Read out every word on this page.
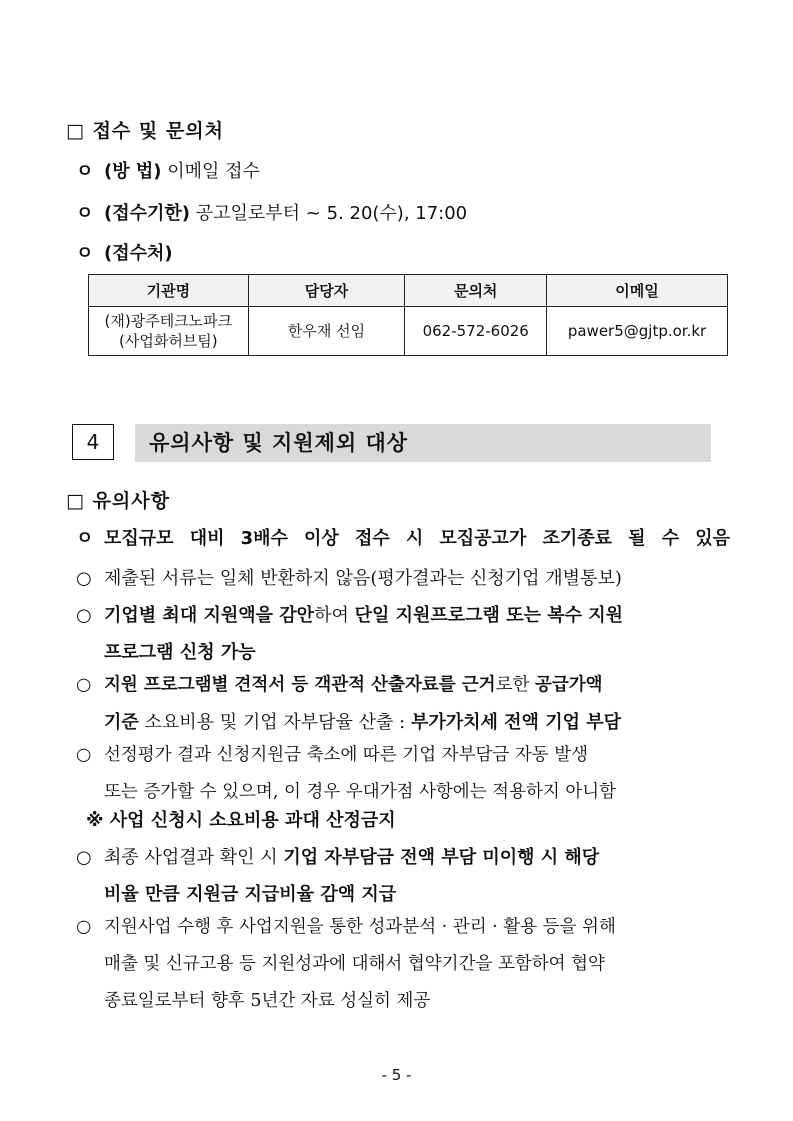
□ 접수 및 문의처
ㅇ (방 법) 이메일 접수
ㅇ (접수기한) 공고일로부터 ~ 5. 20(수), 17:00
ㅇ (접수처)
기관명	담당자	문의처	이메일

(재)광주테크노파크
(사업화허브팀)	한우재 선임	062-572-6026	pawer5@gjtp.or.kr
4	유의사항 및 지원제외 대상
□ 유의사항
ㅇ 모집규모 대비 3배수 이상 접수 시 모집공고가 조기종료 될 수 있음
○ 제출된 서류는 일체 반환하지 않음(평가결과는 신청기업 개별통보)
○ 기업별 최대 지원액을 감안하여 단일 지원프로그램 또는 복수 지원
프로그램 신청 가능
○ 지원 프로그램별 견적서 등 객관적 산출자료를 근거로한 공급가액
기준 소요비용 및 기업 자부담율 산출 : 부가가치세 전액 기업 부담
○ 선정평가 결과 신청지원금 축소에 따른 기업 자부담금 자동 발생
또는 증가할 수 있으며, 이 경우 우대가점 사항에는 적용하지 아니함
※ 사업 신청시 소요비용 과대 산정금지
○ 최종 사업결과 확인 시 기업 자부담금 전액 부담 미이행 시 해당
비율 만큼 지원금 지급비율 감액 지급
○ 지원사업 수행 후 사업지원을 통한 성과분석 · 관리 · 활용 등을 위해
매출 및 신규고용 등 지원성과에 대해서 협약기간을 포함하여 협약
종료일로부터 향후 5년간 자료 성실히 제공
- 5 -
